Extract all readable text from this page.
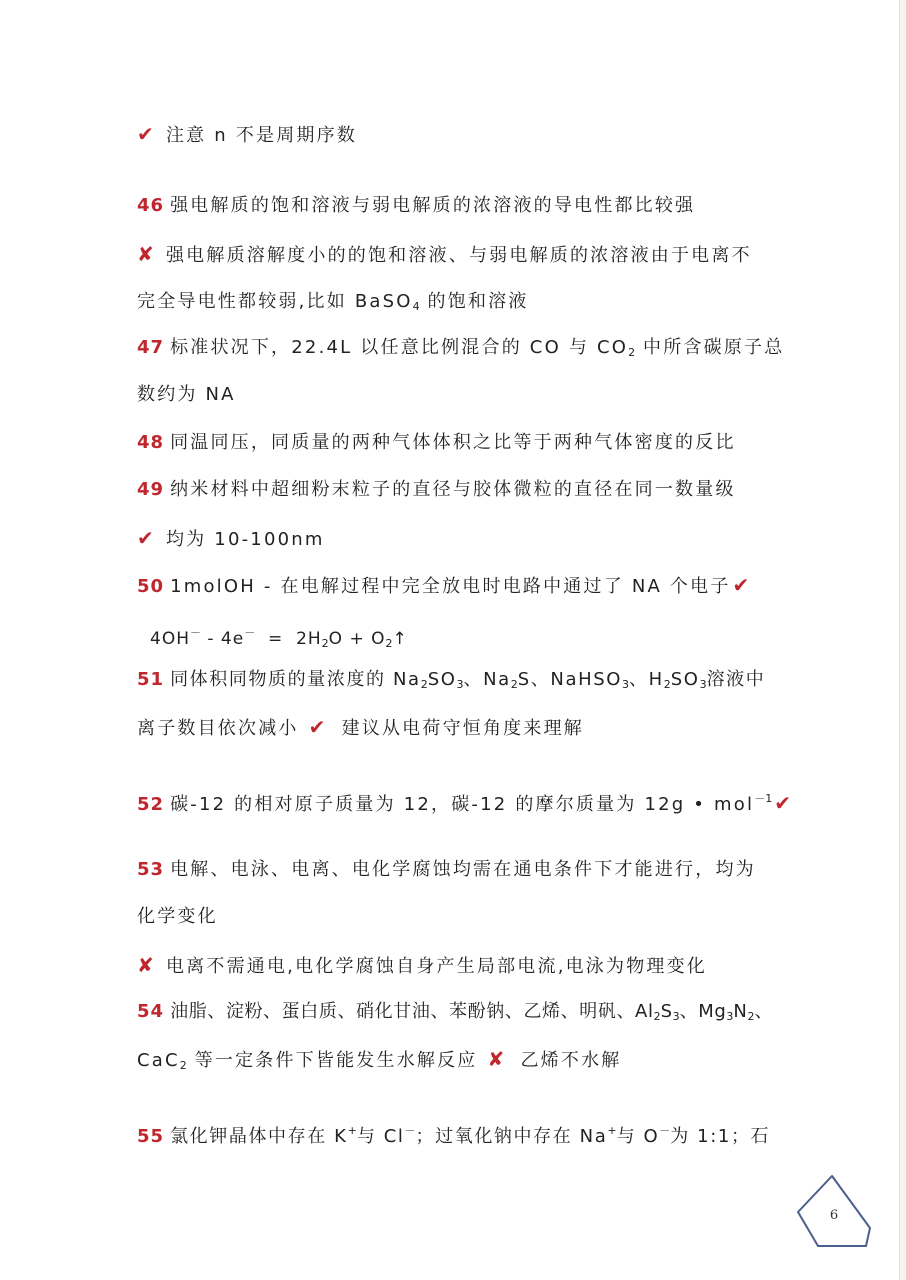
✔ 注意 n 不是周期序数
46 强电解质的饱和溶液与弱电解质的浓溶液的导电性都比较强
✘ 强电解质溶解度小的的饱和溶液、与弱电解质的浓溶液由于电离不
完全导电性都较弱,比如 BaSO$_4$ 的饱和溶液
47 标准状况下，22.4L 以任意比例混合的 CO 与 $CO_2$ 中所含碳原子总
数约为 NA
48 同温同压，同质量的两种气体体积之比等于两种气体密度的反比
49 纳米材料中超细粉末粒子的直径与胶体微粒的直径在同一数量级
✔ 均为 10-100nm
50 1molOH - 在电解过程中完全放电时电路中通过了 NA 个电子 ✔
$4OH^- - 4e^- = 2H_2O$ + $O_2↑$
51 同体积同物质的量浓度的 $Na_2SO_3$、$Na_2S$、NaHSO$_3$、$H_2SO_3$溶液中
离子数目依次减小 ✔ 建议从电荷守恒角度来理解
52 碳-12 的相对原子质量为 12，碳-12 的摩尔质量为 12g • mol$^{-1}$ ✔
53 电解、电泳、电离、电化学腐蚀均需在通电条件下才能进行，均为
化学变化
✘ 电离不需通电,电化学腐蚀自身产生局部电流,电泳为物理变化
54 油脂、淀粉、蛋白质、硝化甘油、苯酚钠、乙烯、明矾、$Al_2S_3$、$Mg_3N_2$、
CaC$_2$ 等一定条件下皆能发生水解反应 ✘ 乙烯不水解
55 氯化钾晶体中存在 K+与 Cl－；过氧化钠中存在 Na+与 O－为 1:1；石
6
